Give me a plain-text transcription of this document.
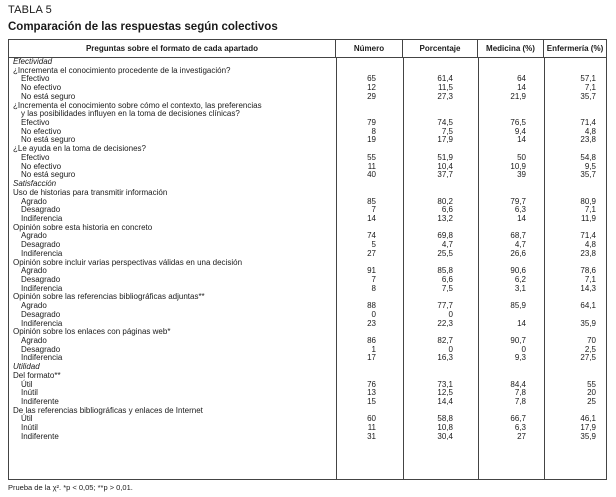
TABLA 5
Comparación de las respuestas según colectivos
Preguntas sobre el formato de cada apartado	Número	Porcentaje	Medicina (%)	Enfermería (%)
Efectividad
¿Incrementa el conocimiento procedente de la investigación?
Efectivo	65	61,4	64	57,1
No efectivo	12	11,5	14	7,1
No está seguro	29	27,3	21,9	35,7
¿Incrementa el conocimiento sobre cómo el contexto, las preferencias
y las posibilidades influyen en la toma de decisiones clínicas?
Efectivo	79	74,5	76,5	71,4
No efectivo	8	7,5	9,4	4,8
No está seguro	19	17,9	14	23,8
¿Le ayuda en la toma de decisiones?
Efectivo	55	51,9	50	54,8
No efectivo	11	10,4	10,9	9,5
No está seguro	40	37,7	39	35,7
Satisfacción
Uso de historias para transmitir información
Agrado	85	80,2	79,7	80,9
Desagrado	7	6,6	6,3	7,1
Indiferencia	14	13,2	14	11,9
Opinión sobre esta historia en concreto
Agrado	74	69,8	68,7	71,4
Desagrado	5	4,7	4,7	4,8
Indiferencia	27	25,5	26,6	23,8
Opinión sobre incluir varias perspectivas válidas en una decisión
Agrado	91	85,8	90,6	78,6
Desagrado	7	6,6	6,2	7,1
Indiferencia	8	7,5	3,1	14,3
Opinión sobre las referencias bibliográficas adjuntas**
Agrado	88	77,7	85,9	64,1
Desagrado	0	0
Indiferencia	23	22,3	14	35,9
Opinión sobre los enlaces con páginas web*
Agrado	86	82,7	90,7	70
Desagrado	1	0	0	2,5
Indiferencia	17	16,3	9,3	27,5
Utilidad
Del formato**
Útil	76	73,1	84,4	55
Inútil	13	12,5	7,8	20
Indiferente	15	14,4	7,8	25
De las referencias bibliográficas y enlaces de Internet
Útil	60	58,8	66,7	46,1
Inútil	11	10,8	6,3	17,9
Indiferente	31	30,4	27	35,9
Prueba de la χ². *p < 0,05; **p > 0,01.
